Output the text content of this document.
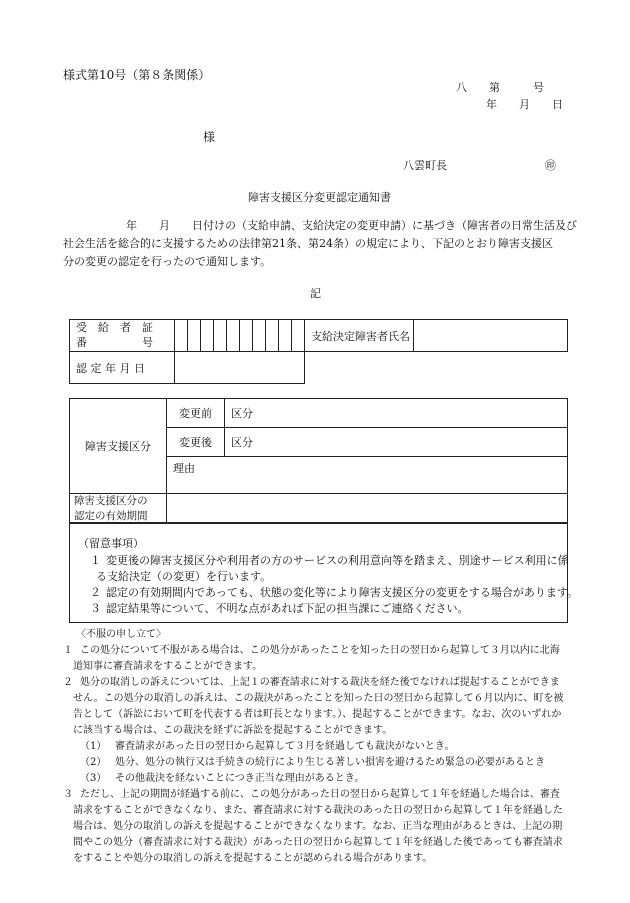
様式第10号（第８条関係）
八　　第　　　号
年　　月　　日
様
八雲町長	㊞
障害支援区分変更認定通知書
年　　月　　日付けの（支給申請、支給決定の変更申請）に基づき（障害者の日常生活及び
社会生活を総合的に支援するための法律第21条、第24条）の規定により、下記のとおり障害支援区
分の変更の認定を行ったので通知します。
記
受　給　者　証
番　　　　　号											支給決定障害者氏名	
認 定 年 月 日												
障害支援区分	変更前	区分
	変更後	区分
	理由	

障害支援区分の
認定の有効期間		

（留意事項）
１ 変更後の障害支援区分や利用者の方のサービスの利用意向等を踏まえ、別途サービス利用に係
る支給決定（の変更）を行います。
２ 認定の有効期間内であっても、状態の変化等により障害支援区分の変更をする場合があります。
３ 認定結果等について、不明な点があれば下記の担当課にご連絡ください。
〈不服の申し立て〉
１ この処分について不服がある場合は、この処分があったことを知った日の翌日から起算して３月以内に北海
道知事に審査請求をすることができます。
２ 処分の取消しの訴えについては、上記１の審査請求に対する裁決を経た後でなければ提起することができま
せん。この処分の取消しの訴えは、この裁決があったことを知った日の翌日から起算して６月以内に、町を被
告として（訴訟において町を代表する者は町長となります。）、提起することができます。なお、次のいずれか
に該当する場合は、この裁決を経ずに訴訟を提起することができます。
（1） 審査請求があった日の翌日から起算して３月を経過しても裁決がないとき。
（2） 処分、処分の執行又は手続きの続行により生じる著しい損害を避けるため緊急の必要があるとき
（3） その他裁決を経ないことにつき正当な理由があるとき。
３ ただし、上記の期間が経過する前に、この処分があった日の翌日から起算して１年を経過した場合は、審査
請求をすることができなくなり、また、審査請求に対する裁決のあった日の翌日から起算して１年を経過した
場合は、処分の取消しの訴えを提起することができなくなります。なお、正当な理由があるときは、上記の期
間やこの処分（審査請求に対する裁決）があった日の翌日から起算して１年を経過した後であっても審査請求
をすることや処分の取消しの訴えを提起することが認められる場合があります。
